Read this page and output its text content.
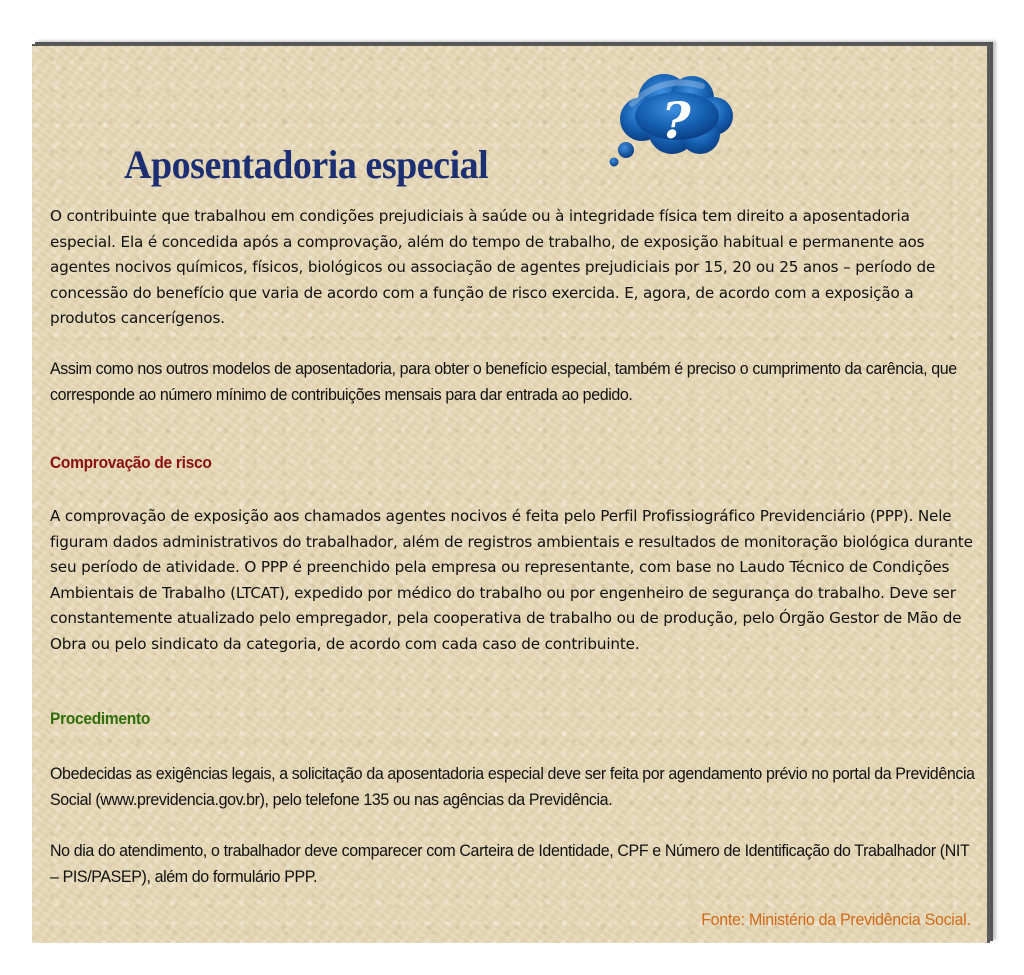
Aposentadoria especial
?

O contribuinte que trabalhou em condições prejudiciais à saúde ou à integridade física tem direito a aposentadoria especial. Ela é concedida após a comprovação, além do tempo de trabalho, de exposição habitual e permanente aos agentes nocivos químicos, físicos, biológicos ou associação de agentes prejudiciais por 15, 20 ou 25 anos – período de concessão do benefício que varia de acordo com a função de risco exercida. E, agora, de acordo com a exposição a produtos cancerígenos.

Assim como nos outros modelos de aposentadoria, para obter o benefício especial, também é preciso o cumprimento da carência, que corresponde ao número mínimo de contribuições mensais para dar entrada ao pedido.

Comprovação de risco

A comprovação de exposição aos chamados agentes nocivos é feita pelo Perfil Profissiográfico Previdenciário (PPP). Nele figuram dados administrativos do trabalhador, além de registros ambientais e resultados de monitoração biológica durante seu período de atividade. O PPP é preenchido pela empresa ou representante, com base no Laudo Técnico de Condições Ambientais de Trabalho (LTCAT), expedido por médico do trabalho ou por engenheiro de segurança do trabalho. Deve ser constantemente atualizado pelo empregador, pela cooperativa de trabalho ou de produção, pelo Órgão Gestor de Mão de Obra ou pelo sindicato da categoria, de acordo com cada caso de contribuinte.

Procedimento

Obedecidas as exigências legais, a solicitação da aposentadoria especial deve ser feita por agendamento prévio no portal da Previdência Social (www.previdencia.gov.br), pelo telefone 135 ou nas agências da Previdência.

No dia do atendimento, o trabalhador deve comparecer com Carteira de Identidade, CPF e Número de Identificação do Trabalhador (NIT – PIS/PASEP), além do formulário PPP.

Fonte: Ministério da Previdência Social.
